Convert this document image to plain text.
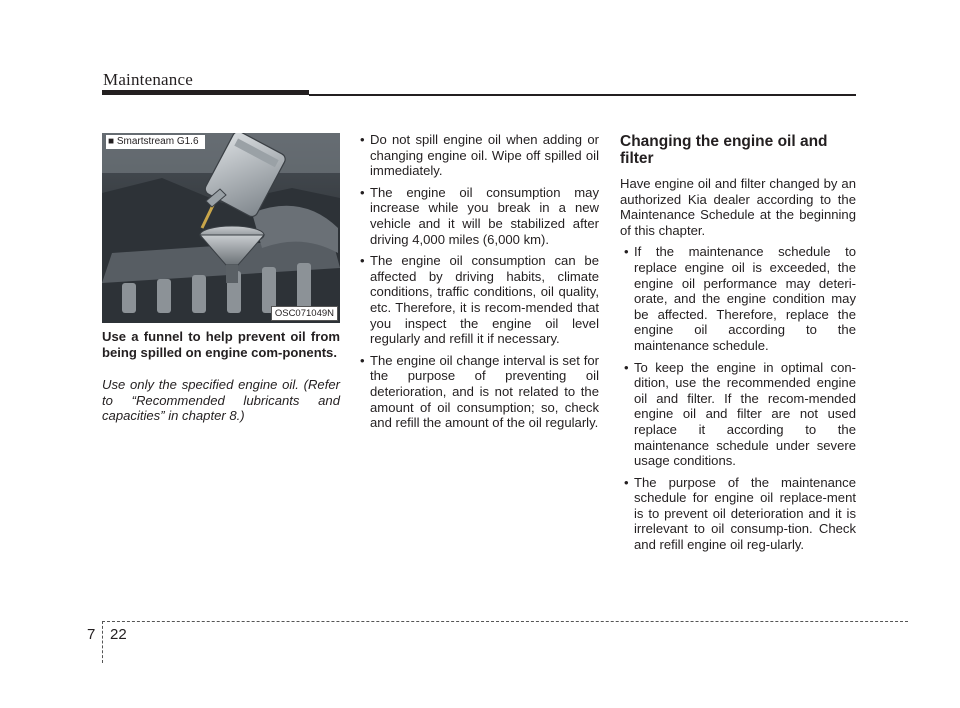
Maintenance
■ Smartstream G1.6
OSC071049N
Use a funnel to help prevent oil from being spilled on engine com-ponents.
Use only the specified engine oil. (Refer to “Recommended lubricants and capacities” in chapter 8.)
• Do not spill engine oil when adding or changing engine oil. Wipe off spilled oil immediately.
• The engine oil consumption may increase while you break in a new vehicle and it will be stabilized after driving 4,000 miles (6,000 km).
• The engine oil consumption can be affected by driving habits, climate conditions, traffic conditions, oil quality, etc. Therefore, it is recom-mended that you inspect the engine oil level regularly and refill it if necessary.
• The engine oil change interval is set for the purpose of preventing oil deterioration, and is not related to the amount of oil consumption; so, check and refill the amount of the oil regularly.
Changing the engine oil and filter

Have engine oil and filter changed by an authorized Kia dealer according to the Maintenance Schedule at the beginning of this chapter.

• If the maintenance schedule to replace engine oil is exceeded, the engine oil performance may deteri-orate, and the engine condition may be affected. Therefore, replace the engine oil according to the maintenance schedule.
• To keep the engine in optimal con-dition, use the recommended engine oil and filter. If the recom-mended engine oil and filter are not used replace it according to the maintenance schedule under severe usage conditions.
• The purpose of the maintenance schedule for engine oil replace-ment is to prevent oil deterioration and it is irrelevant to oil consump-tion. Check and refill engine oil reg-ularly.
7 22
